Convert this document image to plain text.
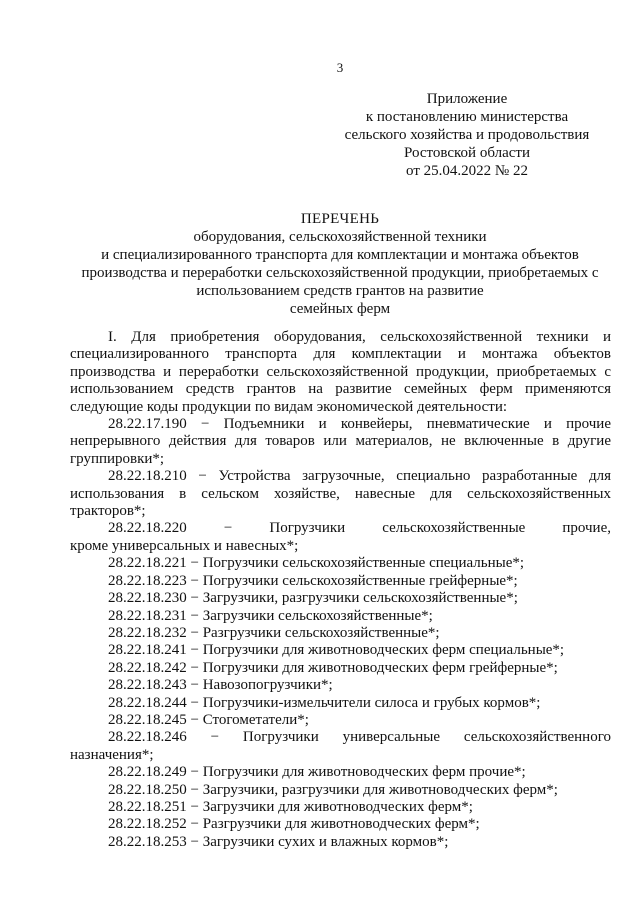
3
Приложение
к постановлению министерства
сельского хозяйства и продовольствия
Ростовской области
от 25.04.2022 № 22
ПЕРЕЧЕНЬ
оборудования, сельскохозяйственной техники
и специализированного транспорта для комплектации и монтажа объектов
производства и переработки сельскохозяйственной продукции, приобретаемых с
использованием средств грантов на развитие
семейных ферм

I. Для приобретения оборудования, сельскохозяйственной техники и специализированного транспорта для комплектации и монтажа объектов производства и переработки сельскохозяйственной продукции, приобретаемых с использованием средств грантов на развитие семейных ферм применяются следующие коды продукции по видам экономической деятельности:

28.22.17.190 − Подъемники и конвейеры, пневматические и прочие непрерывного действия для товаров или материалов, не включенные в другие группировки*;

28.22.18.210 − Устройства загрузочные, специально разработанные для использования в сельском хозяйстве, навесные для сельскохозяйственных тракторов*;

28.22.18.220 − Погрузчики сельскохозяйственные прочие,

кроме универсальных и навесных*;

28.22.18.221 − Погрузчики сельскохозяйственные специальные*;

28.22.18.223 − Погрузчики сельскохозяйственные грейферные*;

28.22.18.230 − Загрузчики, разгрузчики сельскохозяйственные*;

28.22.18.231 − Загрузчики сельскохозяйственные*;

28.22.18.232 − Разгрузчики сельскохозяйственные*;

28.22.18.241 − Погрузчики для животноводческих ферм специальные*;

28.22.18.242 − Погрузчики для животноводческих ферм грейферные*;

28.22.18.243 − Навозопогрузчики*;

28.22.18.244 − Погрузчики-измельчители силоса и грубых кормов*;

28.22.18.245 − Стогометатели*;

28.22.18.246 − Погрузчики универсальные сельскохозяйственного

назначения*;

28.22.18.249 − Погрузчики для животноводческих ферм прочие*;

28.22.18.250 − Загрузчики, разгрузчики для животноводческих ферм*;

28.22.18.251 − Загрузчики для животноводческих ферм*;

28.22.18.252 − Разгрузчики для животноводческих ферм*;

28.22.18.253 − Загрузчики сухих и влажных кормов*;
